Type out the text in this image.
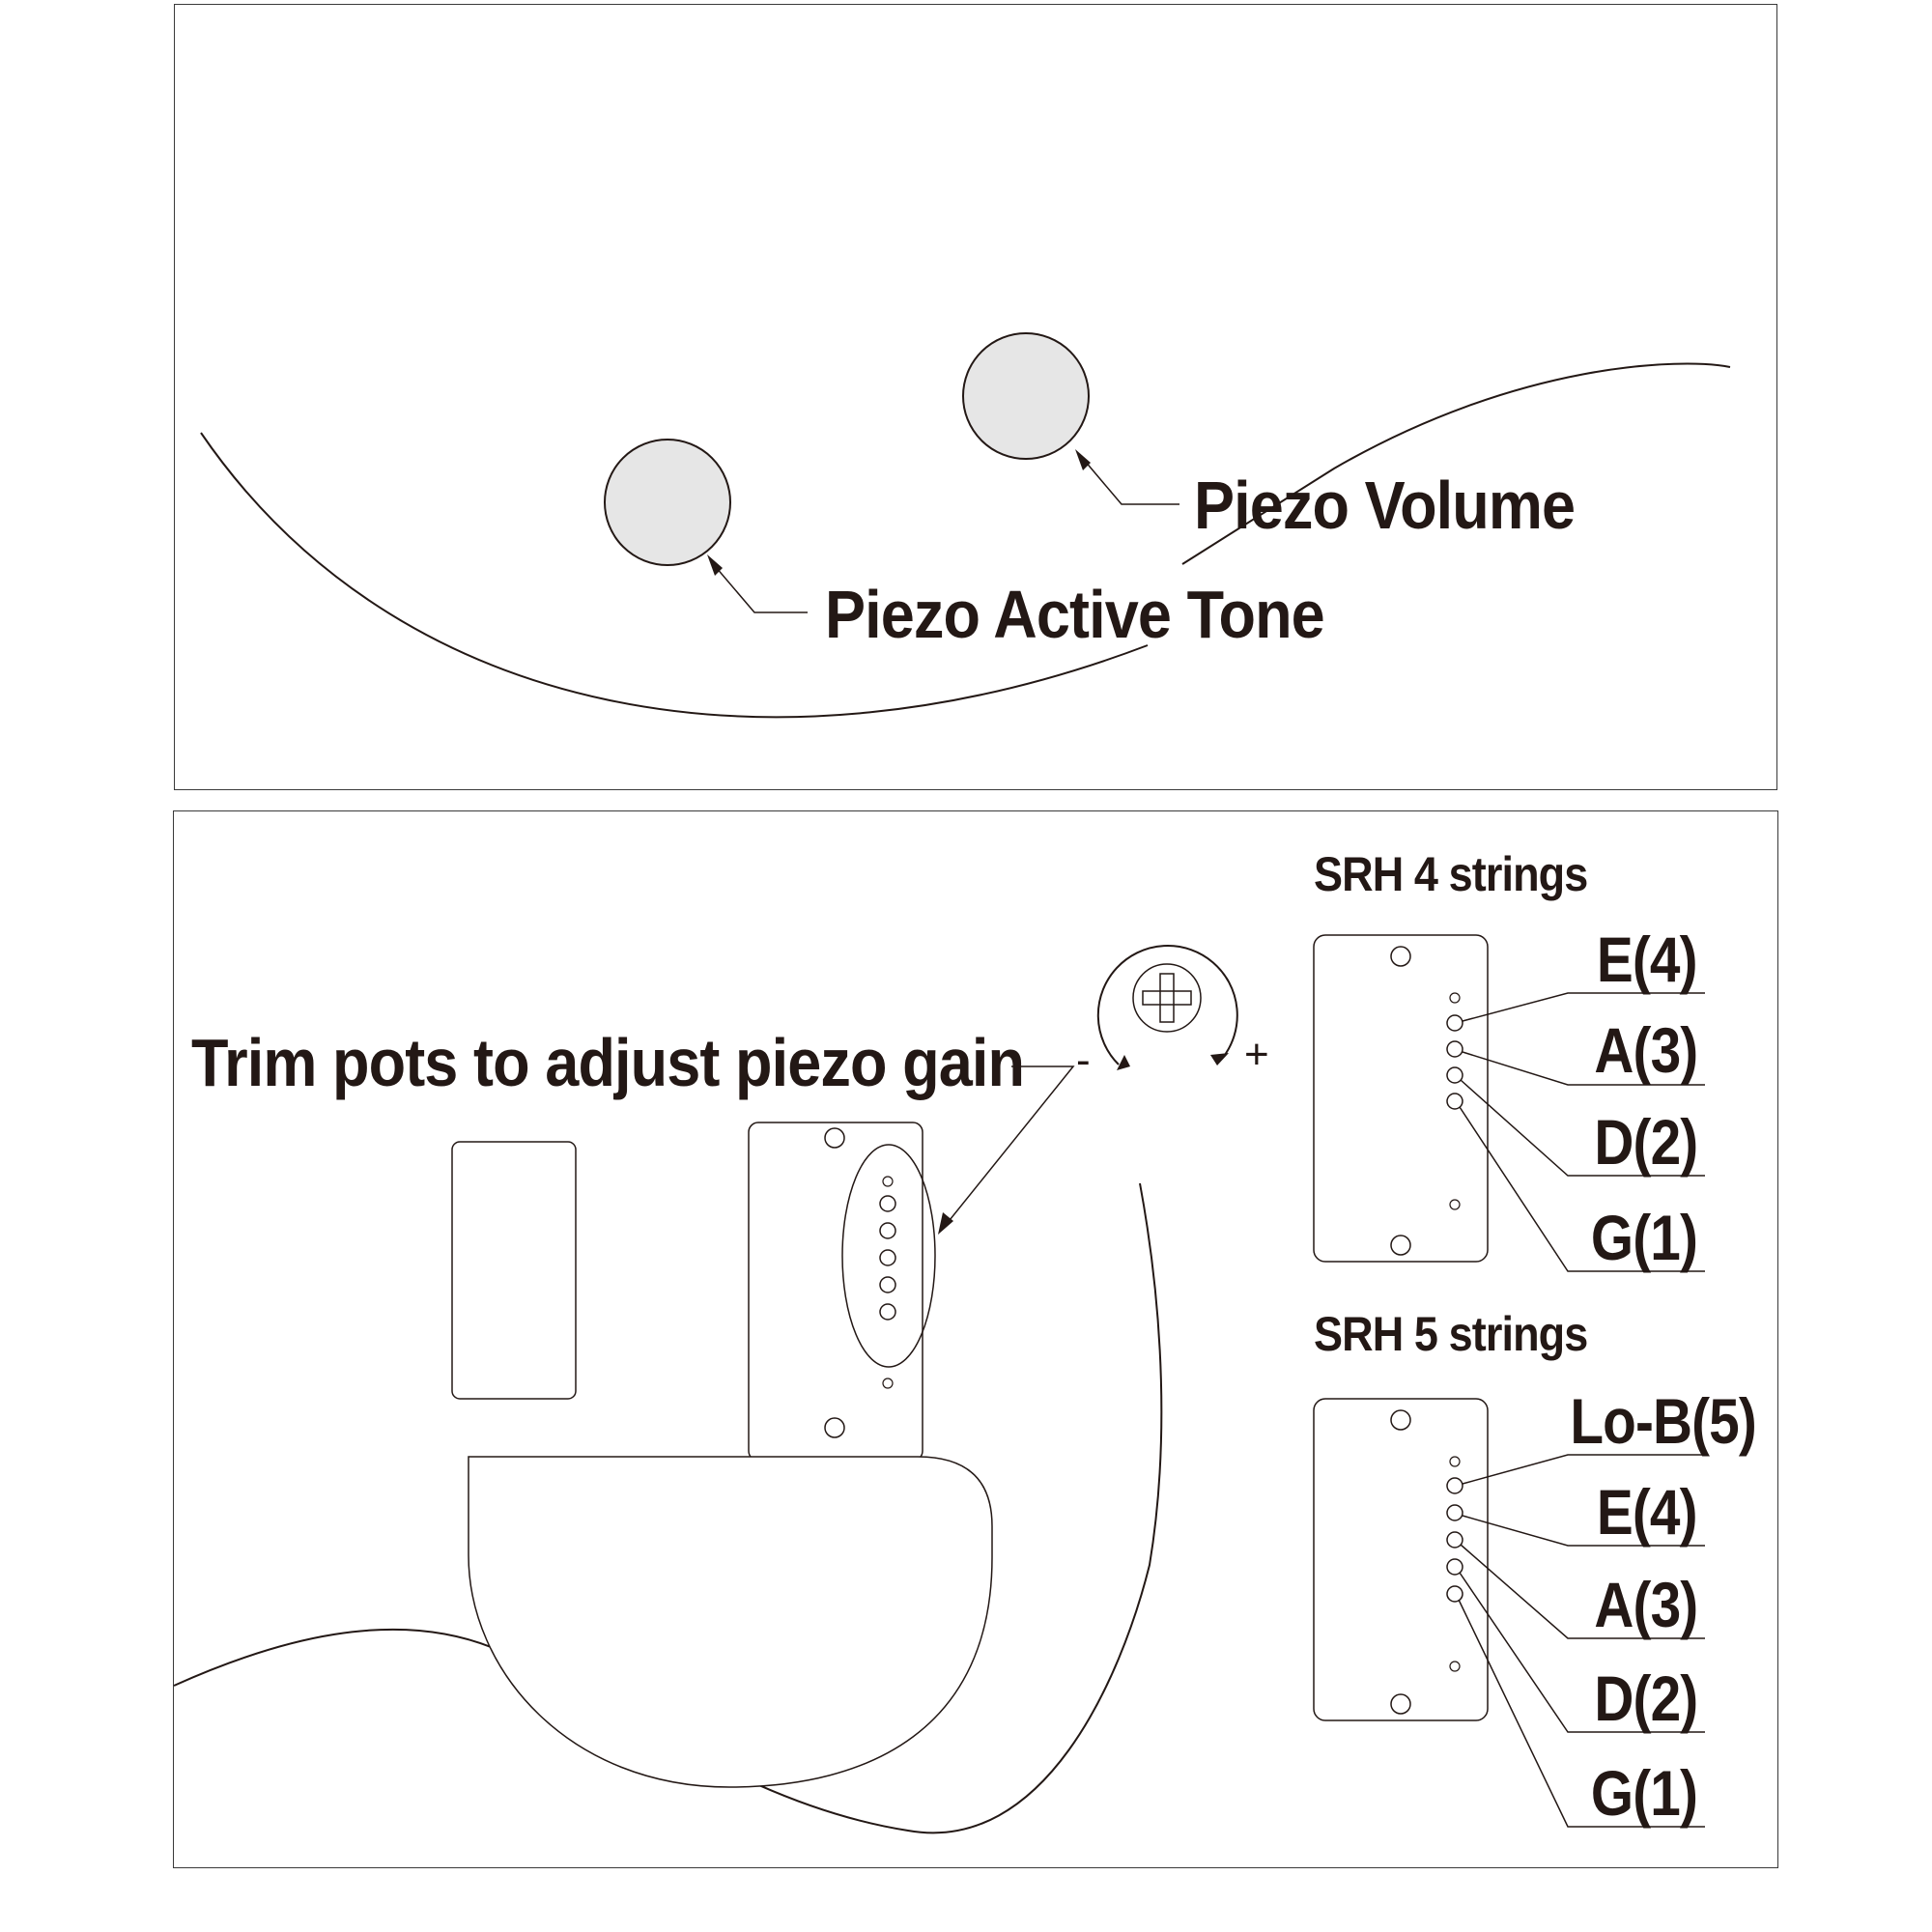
Piezo Volume
Piezo Active Tone
Trim pots to adjust piezo gain -	+
SRH 4 strings
E(4)
A(3)
D(2)
G(1)
SRH 5 strings
Lo-B(5)
E(4)
A(3)
D(2)
G(1)
